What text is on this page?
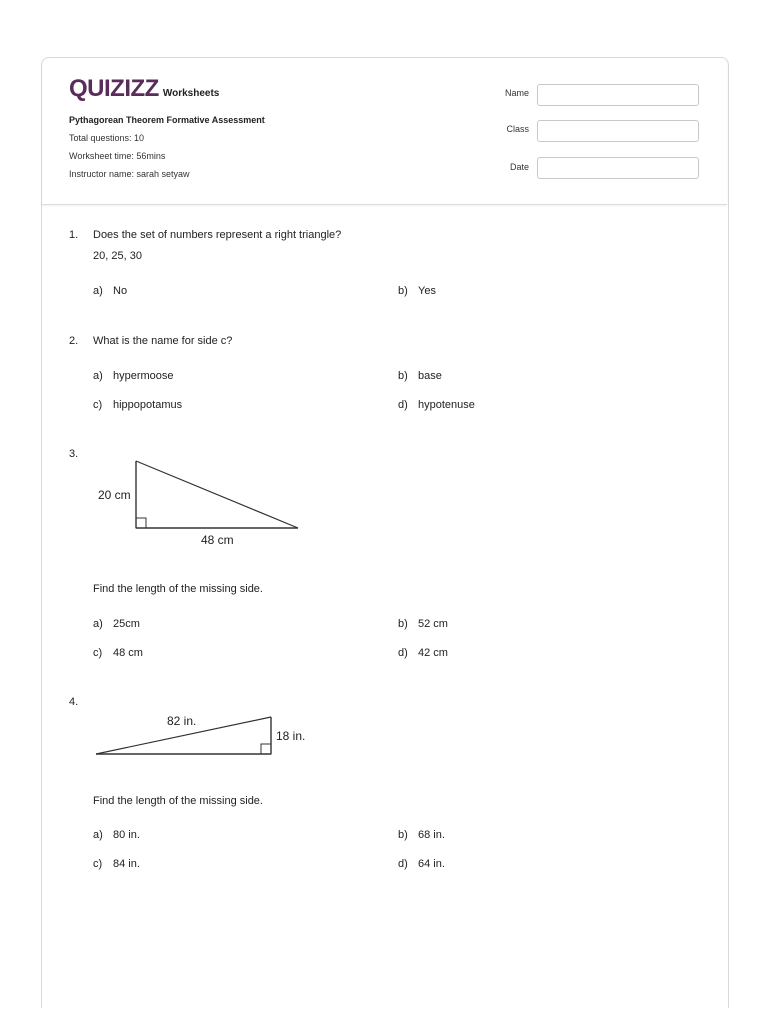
QUIZIZZ Worksheets
Pythagorean Theorem Formative Assessment
Total questions: 10
Worksheet time: 56mins
Instructor name: sarah setyaw
Name
Class
Date
1. Does the set of numbers represent a right triangle?
20, 25, 30
a) No	b) Yes
2. What is the name for side c?
a) hypermoose	b) base
c) hippopotamus	d) hypotenuse
3.
20 cm
48 cm
Find the length of the missing side.
a) 25cm	b) 52 cm
c) 48 cm	d) 42 cm
4.
82 in.
18 in.
Find the length of the missing side.
a) 80 in.	b) 68 in.
c) 84 in.	d) 64 in.
